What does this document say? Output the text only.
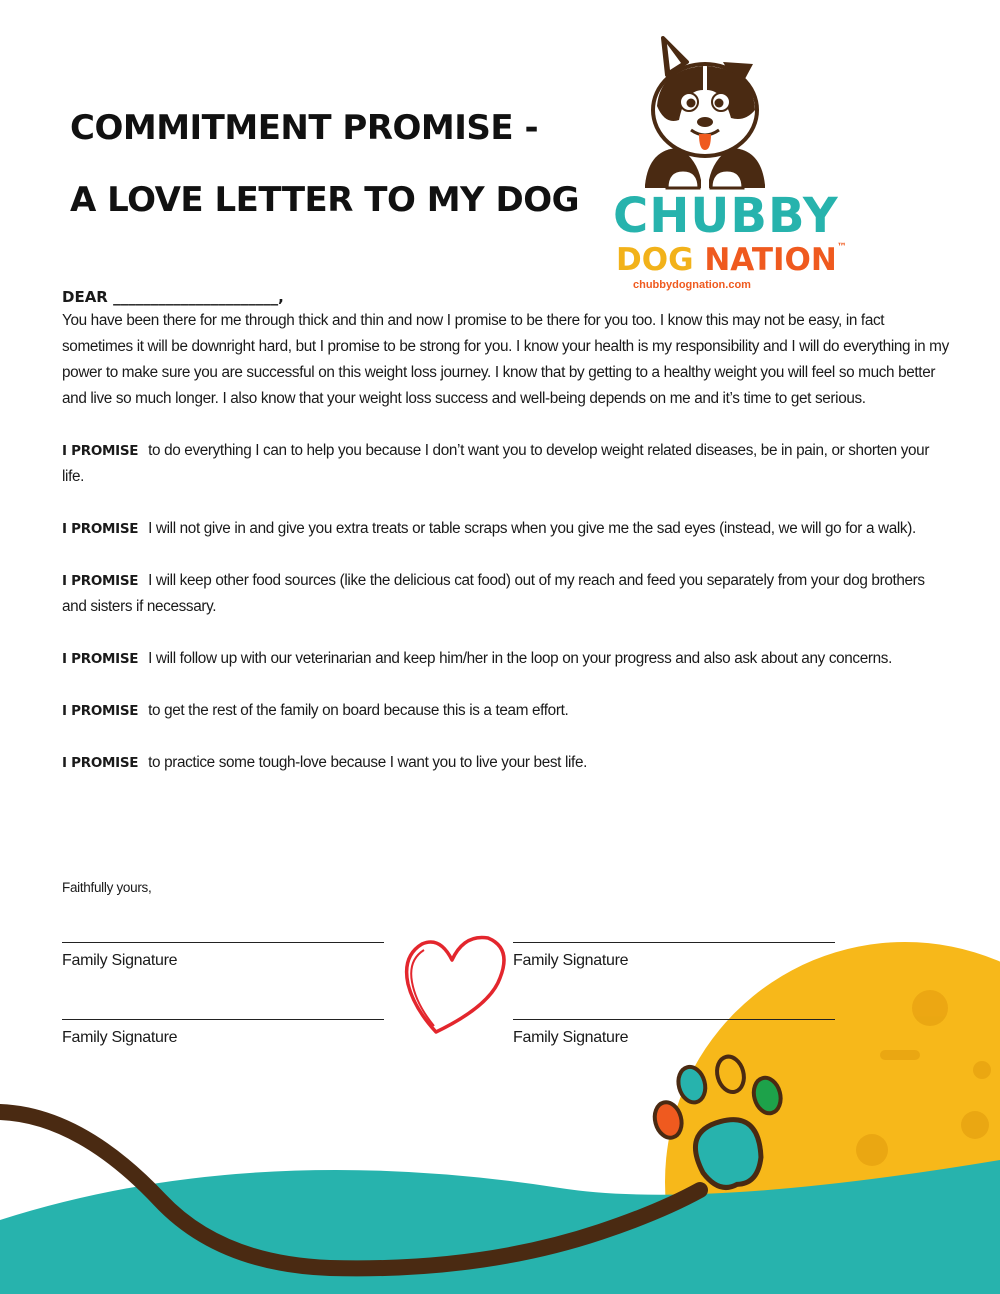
COMMITMENT PROMISE -
A LOVE LETTER TO MY DOG CHUBBY
DOG NATION™
chubbydognation.com

DEAR ______________________,

You have been there for me through thick and thin and now I promise to be there for you too. I know this may not be easy, in fact sometimes it will be downright hard, but I promise to be strong for you. I know your health is my responsibility and I will do everything in my power to make sure you are successful on this weight loss journey. I know that by getting to a healthy weight you will feel so much better and live so much longer. I also know that your weight loss success and well-being depends on me and it’s time to get serious.

I PROMISE to do everything I can to help you because I don’t want you to develop weight related diseases, be in pain, or shorten your life.

I PROMISE I will not give in and give you extra treats or table scraps when you give me the sad eyes (instead, we will go for a walk).

I PROMISE I will keep other food sources (like the delicious cat food) out of my reach and feed you separately from your dog brothers and sisters if necessary.

I PROMISE I will follow up with our veterinarian and keep him/her in the loop on your progress and also ask about any concerns.

I PROMISE to get the rest of the family on board because this is a team effort.

I PROMISE to practice some tough-love because I want you to live your best life.

Faithfully yours,
Family Signature	Family Signature
Family Signature	Family Signature
